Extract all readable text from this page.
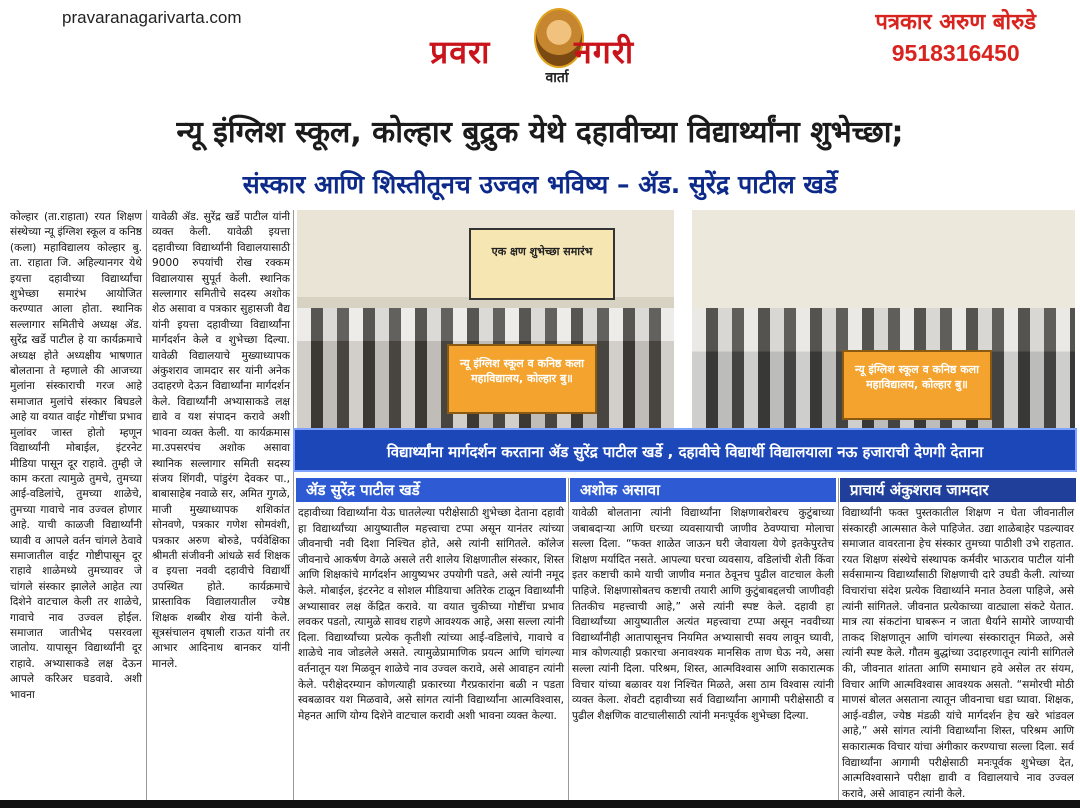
pravaranagarivarta.com
प्रवरा	नगरी
वार्ता
पत्रकार अरुण बोरुडे
9518316450
न्यू इंग्लिश स्कूल, कोल्हार बुद्रुक येथे दहावीच्या विद्यार्थ्यांना शुभेच्छा;
संस्कार आणि शिस्तीतूनच उज्वल भविष्य – ॲड. सुरेंद्र पाटील खर्डे
कोल्हार (ता.राहाता) रयत शिक्षण संस्थेच्या न्यू इंग्लिश स्कूल व कनिष्ठ (कला) महाविद्यालय कोल्हार बु. ता. राहाता जि. अहिल्यानगर येथे इयत्ता दहावीच्या विद्यार्थ्यांचा शुभेच्छा समारंभ आयोजित करण्यात आला होता. स्थानिक सल्लागार समितीचे अध्यक्ष ॲड. सुरेंद्र खर्डे पाटील हे या कार्यक्रमाचे अध्यक्ष होते अध्यक्षीय भाषणात बोलताना ते म्हणाले की आजच्या मुलांना संस्काराची गरज आहे समाजात मुलांचे संस्कार बिघडले आहे या वयात वाईट गोष्टींचा प्रभाव मुलांवर जास्त होतो म्हणून विद्यार्थ्यांनी मोबाईल, इंटरनेट मीडिया पासून दूर राहावे. तुम्ही जे काम करता त्यामुळे तुमचे, तुमच्या आई-वडिलांचे, तुमच्या शाळेचे, तुमच्या गावाचे नाव उज्वल होणार आहे. याची काळजी विद्यार्थ्यांनी घ्यावी व आपले वर्तन चांगले ठेवावे समाजातील वाईट गोष्टीपासून दूर राहावे शाळेमध्ये तुमच्यावर जे चांगले संस्कार झालेले आहेत त्या दिशेने वाटचाल केली तर शाळेचे, गावाचे नाव उज्वल होईल. समाजात जातीभेद पसरवला जातोय. यापासून विद्यार्थ्यांनी दूर राहावे. अभ्यासाकडे लक्ष देऊन आपले करिअर घडवावे. अशी भावना
यावेळी ॲड. सुरेंद्र खर्डे पाटील यांनी व्यक्त केली. यावेळी इयत्ता दहावीच्या विद्यार्थ्यांनी विद्यालयासाठी 9000 रुपयांची रोख रक्कम विद्यालयास सुपूर्त केली. स्थानिक सल्लागार समितीचे सदस्य अशोक शेठ असावा व पत्रकार सुहासजी वैद्य यांनी इयत्ता दहावीच्या विद्यार्थ्यांना मार्गदर्शन केले व शुभेच्छा दिल्या. यावेळी विद्यालयाचे मुख्याध्यापक अंकुशराव जामदार सर यांनी अनेक उदाहरणे देऊन विद्यार्थ्यांना मार्गदर्शन केले. विद्यार्थ्यांनी अभ्यासाकडे लक्ष द्यावे व यश संपादन करावे अशी भावना व्यक्त केली. या कार्यक्रमास मा.उपसरपंच अशोक असावा स्थानिक सल्लागार समिती सदस्य संजय शिंगवी, पांडुरंग देवकर पा., बाबासाहेब नवाळे सर, अमित गुगळे, माजी मुख्याध्यापक शशिकांत सोनवणे, पत्रकार गणेश सोमवंशी, पत्रकार अरुण बोरुडे, पर्यवेक्षिका श्रीमती संजीवनी आंधळे सर्व शिक्षक व इयत्ता नववी दहावीचे विद्यार्थी उपस्थित होते. कार्यक्रमाचे प्रास्ताविक विद्यालयातील ज्येष्ठ शिक्षक शब्बीर शेख यांनी केले. सूत्रसंचालन वृषाली राऊत यांनी तर आभार आदिनाथ बानकर यांनी मानले.
एक क्षण शुभेच्छा समारंभ
न्यू इंग्लिश स्कूल व कनिष्ठ कला महाविद्यालय, कोल्हार बु॥
न्यू इंग्लिश स्कूल व कनिष्ठ कला महाविद्यालय, कोल्हार बु॥
विद्यार्थ्यांना मार्गदर्शन करताना ॲड सुरेंद्र पाटील खर्डे , दहावीचे विद्यार्थी विद्यालयाला नऊ हजाराची देणगी देताना
ॲड सुरेंद्र पाटील खर्डे	अशोक असावा	प्राचार्य अंकुशराव जामदार
दहावीच्या विद्यार्थ्यांना येऊ घातलेल्या परीक्षेसाठी शुभेच्छा देताना दहावी हा विद्यार्थ्यांच्या आयुष्यातील महत्त्वाचा टप्पा असून यानंतर त्यांच्या जीवनाची नवी दिशा निश्चित होते, असे त्यांनी सांगितले. कॉलेज जीवनाचे आकर्षण वेगळे असले तरी शालेय शिक्षणातील संस्कार, शिस्त आणि शिक्षकांचे मार्गदर्शन आयुष्यभर उपयोगी पडते, असे त्यांनी नमूद केले. मोबाईल, इंटरनेट व सोशल मीडियाचा अतिरेक टाळून विद्यार्थ्यांनी अभ्यासावर लक्ष केंद्रित करावे. या वयात चुकीच्या गोष्टींचा प्रभाव लवकर पडतो, त्यामुळे सावध राहणे आवश्यक आहे, असा सल्ला त्यांनी दिला. विद्यार्थ्यांच्या प्रत्येक कृतीशी त्यांच्या आई-वडिलांचे, गावाचे व शाळेचे नाव जोडलेले असते. त्यामुळेप्रामाणिक प्रयत्न आणि चांगल्या वर्तनातून यश मिळवून शाळेचे नाव उज्वल करावे, असे आवाहन त्यांनी केले. परीक्षेदरम्यान कोणत्याही प्रकारच्या गैरप्रकारांना बळी न पडता स्वबळावर यश मिळवावे, असे सांगत त्यांनी विद्यार्थ्यांना आत्मविश्वास, मेहनत आणि योग्य दिशेने वाटचाल करावी अशी भावना व्यक्त केल्या.
यावेळी बोलताना त्यांनी विद्यार्थ्यांना शिक्षणाबरोबरच कुटुंबाच्या जबाबदाऱ्या आणि घरच्या व्यवसायाची जाणीव ठेवण्याचा मोलाचा सल्ला दिला. “फक्त शाळेत जाऊन घरी जेवायला येणे इतकेपुरतेच शिक्षण मर्यादित नसते. आपल्या घरचा व्यवसाय, वडिलांची शेती किंवा इतर कष्टाची कामे याची जाणीव मनात ठेवूनच पुढील वाटचाल केली पाहिजे. शिक्षणासोबतच कष्टाची तयारी आणि कुटुंबाबद्दलची जाणीवही तितकीच महत्त्वाची आहे,” असे त्यांनी स्पष्ट केले. दहावी हा विद्यार्थ्यांच्या आयुष्यातील अत्यंत महत्त्वाचा टप्पा असून नववीच्या विद्यार्थ्यांनीही आतापासूनच नियमित अभ्यासाची सवय लावून घ्यावी, मात्र कोणत्याही प्रकारचा अनावश्यक मानसिक ताण घेऊ नये, असा सल्ला त्यांनी दिला. परिश्रम, शिस्त, आत्मविश्वास आणि सकारात्मक विचार यांच्या बळावर यश निश्चित मिळते, असा ठाम विश्वास त्यांनी व्यक्त केला. शेवटी दहावीच्या सर्व विद्यार्थ्यांना आगामी परीक्षेसाठी व पुढील शैक्षणिक वाटचालीसाठी त्यांनी मनःपूर्वक शुभेच्छा दिल्या.
विद्यार्थ्यांनी फक्त पुस्तकातील शिक्षण न घेता जीवनातील संस्कारही आत्मसात केले पाहिजेत. उद्या शाळेबाहेर पडल्यावर समाजात वावरताना हेच संस्कार तुमच्या पाठीशी उभे राहतात. रयत शिक्षण संस्थेचे संस्थापक कर्मवीर भाऊराव पाटील यांनी सर्वसामान्य विद्यार्थ्यांसाठी शिक्षणाची दारे उघडी केली. त्यांच्या विचारांचा संदेश प्रत्येक विद्यार्थ्याने मनात ठेवला पाहिजे, असे त्यांनी सांगितले. जीवनात प्रत्येकाच्या वाट्याला संकटे येतात. मात्र त्या संकटांना घाबरून न जाता धैर्याने सामोरे जाण्याची ताकद शिक्षणातून आणि चांगल्या संस्कारातून मिळते, असे त्यांनी स्पष्ट केले. गौतम बुद्धांच्या उदाहरणातून त्यांनी सांगितले की, जीवनात शांतता आणि समाधान हवे असेल तर संयम, विचार आणि आत्मविश्वास आवश्यक असतो. “समोरची मोठी माणसं बोलत असताना त्यातून जीवनाचा धडा घ्यावा. शिक्षक, आई-वडील, ज्येष्ठ मंडळी यांचे मार्गदर्शन हेच खरे भांडवल आहे,” असे सांगत त्यांनी विद्यार्थ्यांना शिस्त, परिश्रम आणि सकारात्मक विचार यांचा अंगीकार करण्याचा सल्ला दिला. सर्व विद्यार्थ्यांना आगामी परीक्षेसाठी मनःपूर्वक शुभेच्छा देत, आत्मविश्वासाने परीक्षा द्यावी व विद्यालयाचे नाव उज्वल करावे, असे आवाहन त्यांनी केले.
